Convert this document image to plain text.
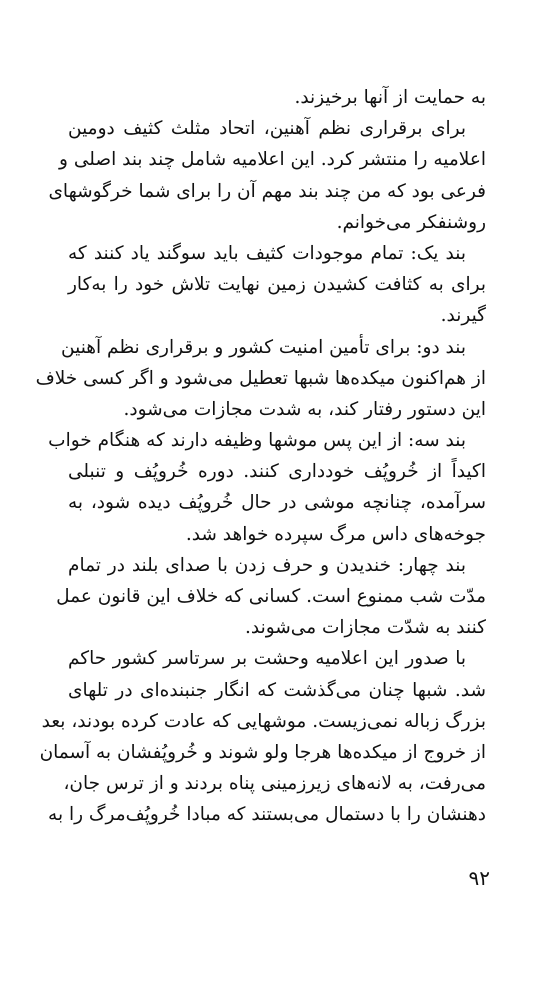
به حمایت از آنها برخیزند.
برای برقراری نظم آهنین، اتحاد مثلث کثیف دومین
اعلامیه را منتشر کرد. این اعلامیه شامل چند بند اصلی و
فرعی بود که من چند بند مهم آن را برای شما خرگوشهای
روشنفکر می‌خوانم.
بند یک: تمام موجودات کثیف باید سوگند یاد کنند که
برای به کثافت کشیدن زمین نهایت تلاش خود را به‌کار
گیرند.
بند دو: برای تأمین امنیت کشور و برقراری نظم آهنین
از هم‌اکنون میکده‌ها شبها تعطیل می‌شود و اگر کسی خلاف
این دستور رفتار کند، به شدت مجازات می‌شود.
بند سه: از این پس موشها وظیفه دارند که هنگام خواب
اکیداً از خُروپُف خودداری کنند. دوره خُروپُف و تنبلی
سرآمده، چنانچه موشی در حال خُروپُف دیده شود، به
جوخه‌های داس مرگ سپرده خواهد شد.
بند چهار: خندیدن و حرف زدن با صدای بلند در تمام
مدّت شب ممنوع است. کسانی که خلاف این قانون عمل
کنند به شدّت مجازات می‌شوند.
با صدور این اعلامیه وحشت بر سرتاسر کشور حاکم
شد. شبها چنان می‌گذشت که انگار جنبنده‌ای در تلهای
بزرگ زباله نمی‌زیست. موشهایی که عادت کرده بودند، بعد
از خروج از میکده‌ها هرجا ولو شوند و خُروپُفشان به آسمان
می‌رفت، به لانه‌های زیرزمینی پناه بردند و از ترس جان،
دهنشان را با دستمال می‌بستند که مبادا خُروپُف‌مرگ را به
۹۲
